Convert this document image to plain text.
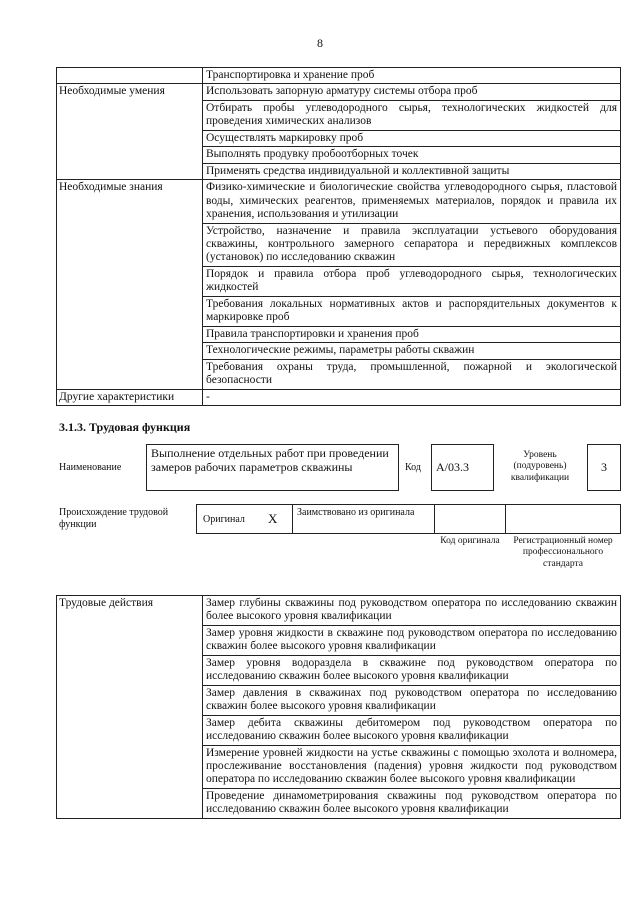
8
	Транспортировка и хранение проб
Необходимые умения	Использовать запорную арматуру системы отбора проб
	Отбирать пробы углеводородного сырья, технологических жидкостей для проведения химических анализов
	Осуществлять маркировку проб
	Выполнять продувку пробоотборных точек
	Применять средства индивидуальной и коллективной защиты
Необходимые знания	Физико-химические и биологические свойства углеводородного сырья, пластовой воды, химических реагентов, применяемых материалов, порядок и правила их хранения, использования и утилизации
	Устройство, назначение и правила эксплуатации устьевого оборудования скважины, контрольного замерного сепаратора и передвижных комплексов (установок) по исследованию скважин
	Порядок и правила отбора проб углеводородного сырья, технологических жидкостей
	Требования локальных нормативных актов и распорядительных документов к маркировке проб
	Правила транспортировки и хранения проб
	Технологические режимы, параметры работы скважин
	Требования охраны труда, промышленной, пожарной и экологической безопасности
Другие характеристики	-
3.1.3. Трудовая функция
Наименование
Выполнение отдельных работ при проведении замеров рабочих параметров скважины	Код	A/03.3
Уровень (подуровень) квалификации
3
Происхождение трудовой функции	Оригинал X	Заимствовано из оригинала
Код оригинала	Регистрационный номер профессионального стандарта
Трудовые действия	Замер глубины скважины под руководством оператора по исследованию скважин более высокого уровня квалификации
Замер уровня жидкости в скважине под руководством оператора по исследованию скважин более высокого уровня квалификации
Замер уровня водораздела в скважине под руководством оператора по исследованию скважин более высокого уровня квалификации
Замер давления в скважинах под руководством оператора по исследованию скважин более высокого уровня квалификации
Замер дебита скважины дебитомером под руководством оператора по исследованию скважин более высокого уровня квалификации
Измерение уровней жидкости на устье скважины с помощью эхолота и волномера, прослеживание восстановления (падения) уровня жидкости под руководством оператора по исследованию скважин более высокого уровня квалификации
Проведение динамометрирования скважины под руководством оператора по исследованию скважин более высокого уровня квалификации
